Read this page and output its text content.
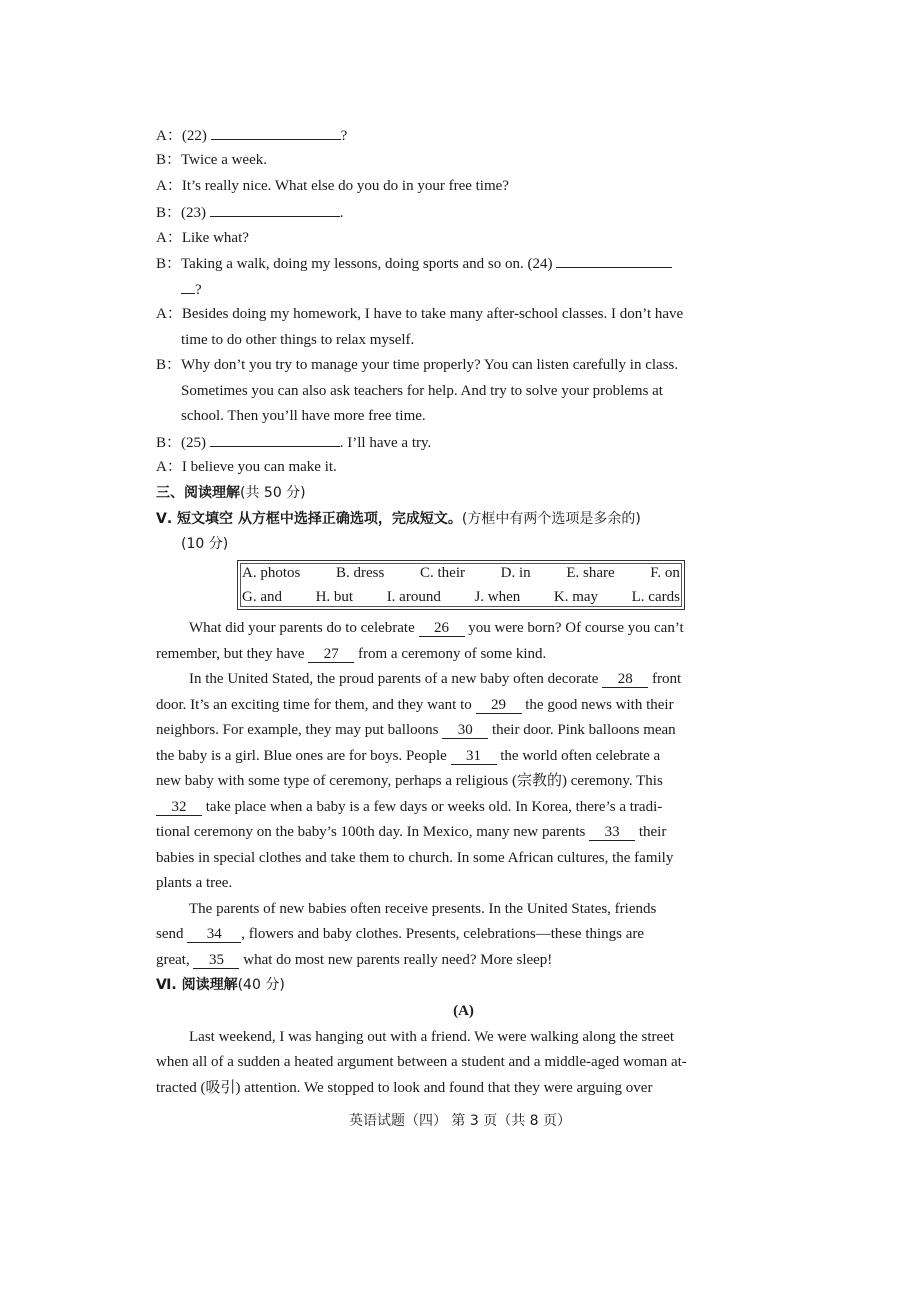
A：(22)	?
B：Twice a week.
A：It’s really nice. What else do you do in your free time?
B：(23)	.
A：Like what?
B：Taking a walk, doing my lessons, doing sports and so on. (24)
?
A：Besides doing my homework, I have to take many after-school classes. I don’t have
time to do other things to relax myself.
B：Why don’t you try to manage your time properly? You can listen carefully in class.
Sometimes you can also ask teachers for help. And try to solve your problems at
school. Then you’ll have more free time.
B：(25)	. I’ll have a try.
A：I believe you can make it.
三、阅读理解(共 50 分)
Ⅴ. 短文填空 从方框中选择正确选项，完成短文。(方框中有两个选项是多余的)
(10 分)
A. photos B. dress C. their D. in E. share F. on
G. and H. but I. around J. when K. may L. cards
What did your parents do to celebrate 26 you were born? Of course you can’t
remember, but they have 27 from a ceremony of some kind.
In the United Stated, the proud parents of a new baby often decorate 28 front
door. It’s an exciting time for them, and they want to 29 the good news with their
neighbors. For example, they may put balloons 30 their door. Pink balloons mean
the baby is a girl. Blue ones are for boys. People 31 the world often celebrate a
new baby with some type of ceremony, perhaps a religious (宗教的) ceremony. This
32 take place when a baby is a few days or weeks old. In Korea, there’s a tradi-
tional ceremony on the baby’s 100th day. In Mexico, many new parents 33 their
babies in special clothes and take them to church. In some African cultures, the family
plants a tree.
The parents of new babies often receive presents. In the United States, friends
send 34 , flowers and baby clothes. Presents, celebrations—these things are
great, 35 what do most new parents really need? More sleep!
Ⅵ. 阅读理解(40 分)
(A)
Last weekend, I was hanging out with a friend. We were walking along the street
when all of a sudden a heated argument between a student and a middle-aged woman at-
tracted (吸引) attention. We stopped to look and found that they were arguing over
英语试题（四） 第 3 页（共 8 页）
